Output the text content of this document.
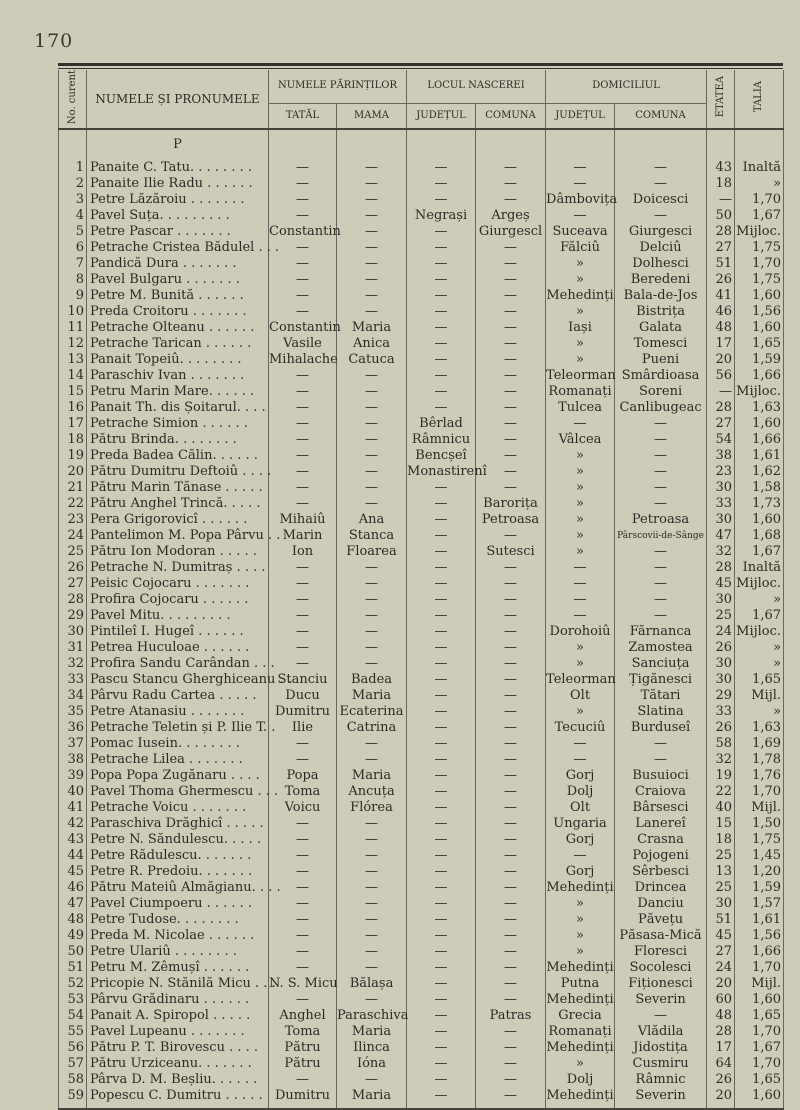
170
No. curent	NUMELE ȘI PRONUMELE	NUMELE PĂRINȚILOR		LOCUL NASCEREI		DOMICILIUL		ETATEA	TALIA
		TATĂL	MAMA	JUDEȚUL	COMUNA	JUDEȚUL	COMUNA		
	P								
1	Panaite C. Tatu. . . . . . . .	—	—	—	—	—	—	43	Inaltă
2	Panaite Ilie Radu . . . . . .	—	—	—	—	—	—	18	»
3	Petre Lăzăroiu . . . . . . .	—	—	—	—	Dâmbovița	Doicesci	—	1,70
4	Pavel Suța. . . . . . . . .	—	—	Negrași	Argeș	—	—	50	1,67
5	Petre Pascar . . . . . . .	Constantin	—	—	Giurgescl	Suceava	Giurgesci	28	Mijloc.
6	Petrache Cristea Bădulel . . .	—	—	—	—	Fălciû	Delciû	27	1,75
7	Pandică Dura . . . . . . .	—	—	—	—	»	Dolhesci	51	1,70
8	Pavel Bulgaru . . . . . . .	—	—	—	—	»	Beredeni	26	1,75
9	Petre M. Bunită . . . . . .	—	—	—	—	Mehedinți	Bala-de-Jos	41	1,60
10	Preda Croitoru . . . . . . .	—	—	—	—	»	Bistrița	46	1,56
11	Petrache Olteanu . . . . . .	Constantin	Maria	—	—	Iași	Galata	48	1,60
12	Petrache Tarican . . . . . .	Vasile	Anica	—	—	»	Tomesci	17	1,65
13	Panait Topeiû. . . . . . . .	Mihalache	Catuca	—	—	»	Pueni	20	1,59
14	Paraschiv Ivan . . . . . . .	—	—	—	—	Teleorman	Smârdioasa	56	1,66
15	Petru Marin Mare. . . . . .	—	—	—	—	Romanați	Soreni	—	Mijloc.
16	Panait Th. dis Șoitarul. . . .	—	—	—	—	Tulcea	Canlibugeac	28	1,63
17	Petrache Simion . . . . . .	—	—	Bêrlad	—	—	—	27	1,60
18	Pătru Brinda. . . . . . . .	—	—	Râmnicu	—	Vâlcea	—	54	1,66
19	Preda Badea Călin. . . . . .	—	—	Bencșeî	—	»	—	38	1,61
20	Pătru Dumitru Deftoiû . . . .	—	—	Monastirenî	—	»	—	23	1,62
21	Pătru Marin Tănase . . . . .	—	—	—	—	»	—	30	1,58
22	Pătru Anghel Trincă. . . . .	—	—	—	Barorița	»	—	33	1,73
23	Pera Grigorovicî . . . . . .	Mihaiû	Ana	—	Petroasa	»	Petroasa	30	1,60
24	Pantelimon M. Popa Pârvu . .	Marin	Stanca	—	—	»	Pârscovii-de-Sânge	47	1,68
25	Pătru Ion Modoran . . . . .	Ion	Floarea	—	Sutesci	»	—	32	1,67
26	Petrache N. Dumitraș . . . .	—	—	—	—	—	—	28	Inaltă
27	Peisic Cojocaru . . . . . . .	—	—	—	—	—	—	45	Mijloc.
28	Profira Cojocaru . . . . . .	—	—	—	—	—	—	30	»
29	Pavel Mitu. . . . . . . . .	—	—	—	—	—	—	25	1,67
30	Pintileî I. Hugeî . . . . . .	—	—	—	—	Dorohoiû	Fărnanca	24	Mijloc.
31	Petrea Huculoae . . . . . .	—	—	—	—	»	Zamostea	26	»
32	Profira Sandu Carândan . . .	—	—	—	—	»	Sanciuța	30	»
33	Pascu Stancu Gherghiceanu . .	Stanciu	Badea	—	—	Teleorman	Țigănesci	30	1,65
34	Pârvu Radu Cartea . . . . .	Ducu	Maria	—	—	Olt	Tătari	29	Mijl.
35	Petre Atanasiu . . . . . . .	Dumitru	Ecaterina	—	—	»	Slatina	33	»
36	Petrache Teletin și P. Ilie T. .	Ilie	Catrina	—	—	Tecuciû	Burduseî	26	1,63
37	Pomac Iusein. . . . . . . .	—	—	—	—	—	—	58	1,69
38	Petrache Lilea . . . . . . .	—	—	—	—	—	—	32	1,78
39	Popa Popa Zugănaru . . . .	Popa	Maria	—	—	Gorj	Busuioci	19	1,76
40	Pavel Thoma Ghermescu . . .	Toma	Ancuța	—	—	Dolj	Craiova	22	1,70
41	Petrache Voicu . . . . . . .	Voicu	Flórea	—	—	Olt	Bârsesci	40	Mijl.
42	Paraschiva Drăghicî . . . . .	—	—	—	—	Ungaria	Lanereî	15	1,50
43	Petre N. Săndulescu. . . . .	—	—	—	—	Gorj	Crasna	18	1,75
44	Petre Rădulescu. . . . . . .	—	—	—	—	—	Pojogeni	25	1,45
45	Petre R. Predoiu. . . . . . .	—	—	—	—	Gorj	Sêrbesci	13	1,20
46	Pătru Mateiû Almăgianu. . . .	—	—	—	—	Mehedinți	Drincea	25	1,59
47	Pavel Ciumpoeru . . . . . .	—	—	—	—	»	Danciu	30	1,57
48	Petre Tudose. . . . . . . .	—	—	—	—	»	Păvețu	51	1,61
49	Preda M. Nicolae . . . . . .	—	—	—	—	»	Păsasa-Mică	45	1,56
50	Petre Ulariû . . . . . . . .	—	—	—	—	»	Floresci	27	1,66
51	Petru M. Zêmușî . . . . . .	—	—	—	—	Mehedinți	Socolesci	24	1,70
52	Pricopie N. Stănilă Micu . . .	N. S. Micu	Bălașa	—	—	Putna	Fiționesci	20	Mijl.
53	Pârvu Grădinaru . . . . . .	—	—	—	—	Mehedinți	Severin	60	1,60
54	Panait A. Spiropol . . . . .	Anghel	Paraschiva	—	Patras	Grecia	—	48	1,65
55	Pavel Lupeanu . . . . . . .	Toma	Maria	—	—	Romanați	Vlădila	28	1,70
56	Pătru P. T. Birovescu . . . .	Pătru	Ilinca	—	—	Mehedinți	Jidostița	17	1,67
57	Pătru Urziceanu. . . . . . .	Pătru	Ióna	—	—	»	Cusmiru	64	1,70
58	Pârva D. M. Beșliu. . . . . .	—	—	—	—	Dolj	Râmnic	26	1,65
59	Popescu C. Dumitru . . . . .	Dumitru	Maria	—	—	Mehedinți	Severin	20	1,60
